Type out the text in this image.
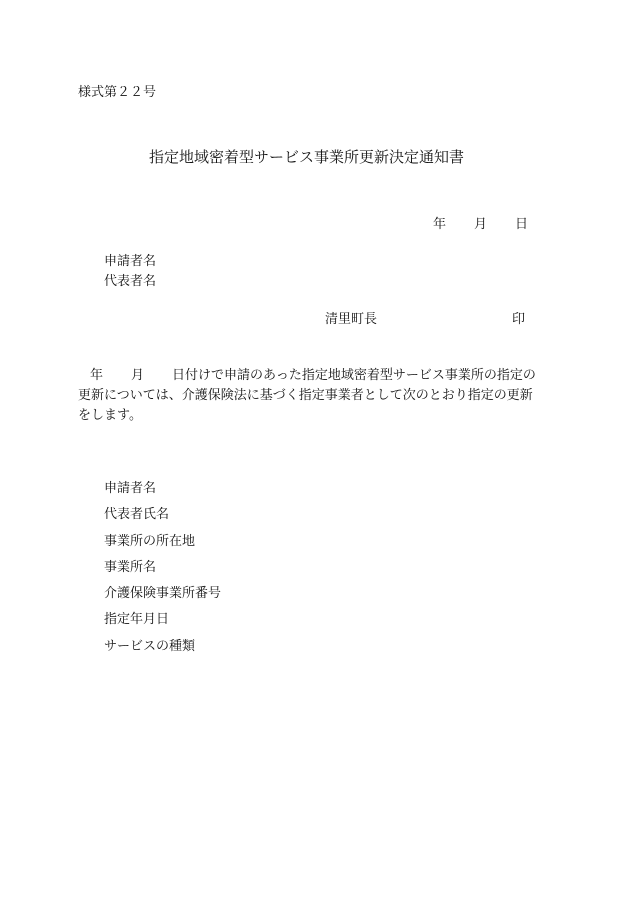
様式第２２号
指定地域密着型サービス事業所更新決定通知書
年 月 日
申請者名
代表者名
清里町長	印
年 月 日付けで申請のあった指定地域密着型サービス事業所の指定の
更新については、介護保険法に基づく指定事業者として次のとおり指定の更新
をします。
申請者名
代表者氏名
事業所の所在地
事業所名
介護保険事業所番号
指定年月日
サービスの種類
